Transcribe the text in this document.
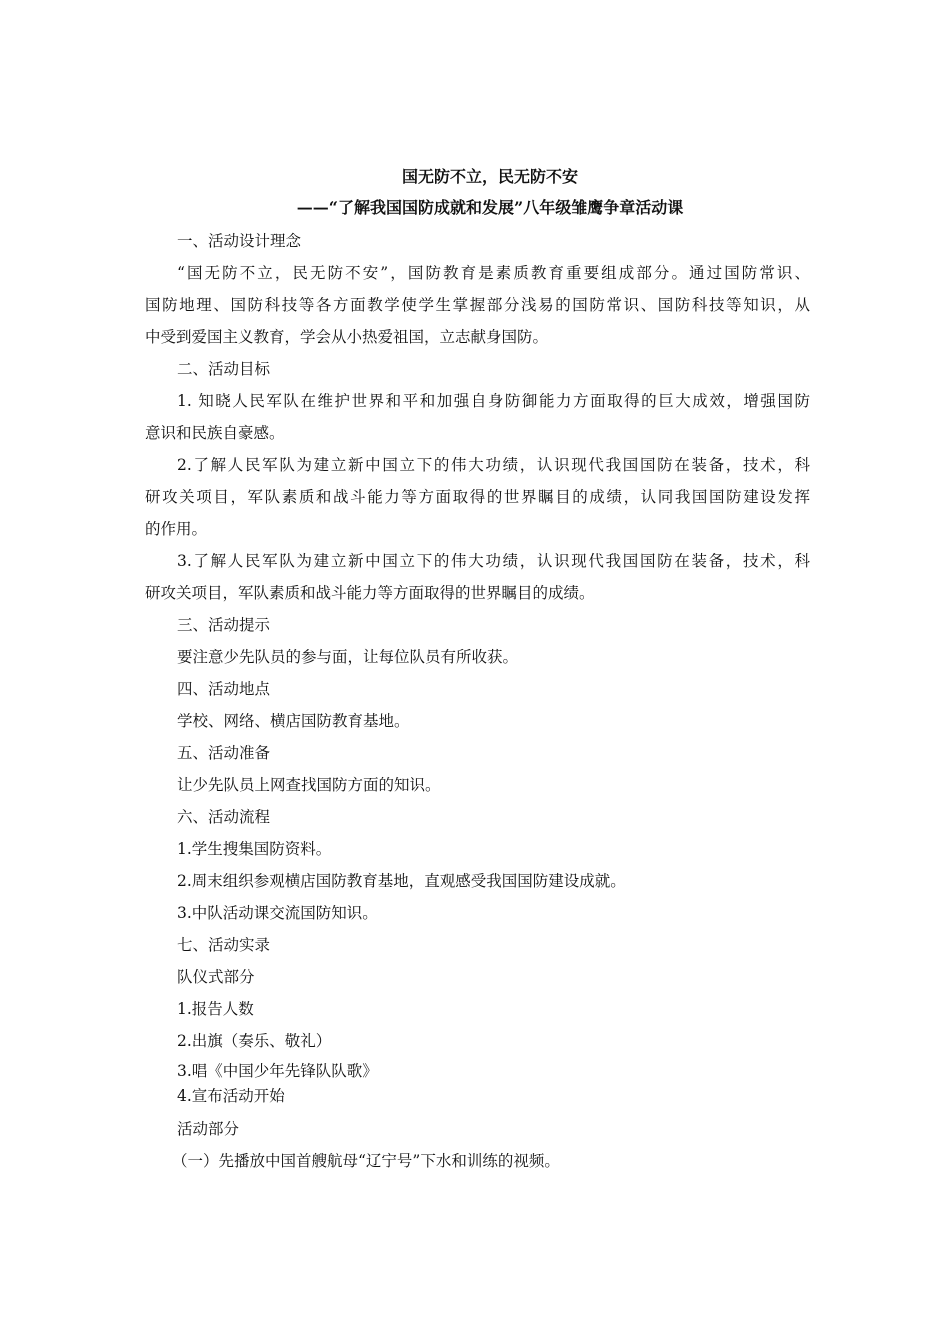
国无防不立，民无防不安
——“了解我国国防成就和发展”八年级雏鹰争章活动课
一、活动设计理念
“国无防不立，民无防不安”，国防教育是素质教育重要组成部分。通过国防常识、
国防地理、国防科技等各方面教学使学生掌握部分浅易的国防常识、国防科技等知识，从
中受到爱国主义教育，学会从小热爱祖国，立志献身国防。
二、活动目标
1. 知晓人民军队在维护世界和平和加强自身防御能力方面取得的巨大成效，增强国防
意识和民族自豪感。
2.了解人民军队为建立新中国立下的伟大功绩，认识现代我国国防在装备，技术，科
研攻关项目，军队素质和战斗能力等方面取得的世界瞩目的成绩，认同我国国防建设发挥
的作用。
3.了解人民军队为建立新中国立下的伟大功绩，认识现代我国国防在装备，技术，科
研攻关项目，军队素质和战斗能力等方面取得的世界瞩目的成绩。
三、活动提示
要注意少先队员的参与面，让每位队员有所收获。
四、活动地点
学校、网络、横店国防教育基地。
五、活动准备
让少先队员上网查找国防方面的知识。
六、活动流程
1.学生搜集国防资料。
2.周末组织参观横店国防教育基地，直观感受我国国防建设成就。
3.中队活动课交流国防知识。
七、活动实录
队仪式部分
1.报告人数
2.出旗（奏乐、敬礼）
3.唱《中国少年先锋队队歌》
4.宣布活动开始
活动部分
（一）先播放中国首艘航母“辽宁号”下水和训练的视频。
